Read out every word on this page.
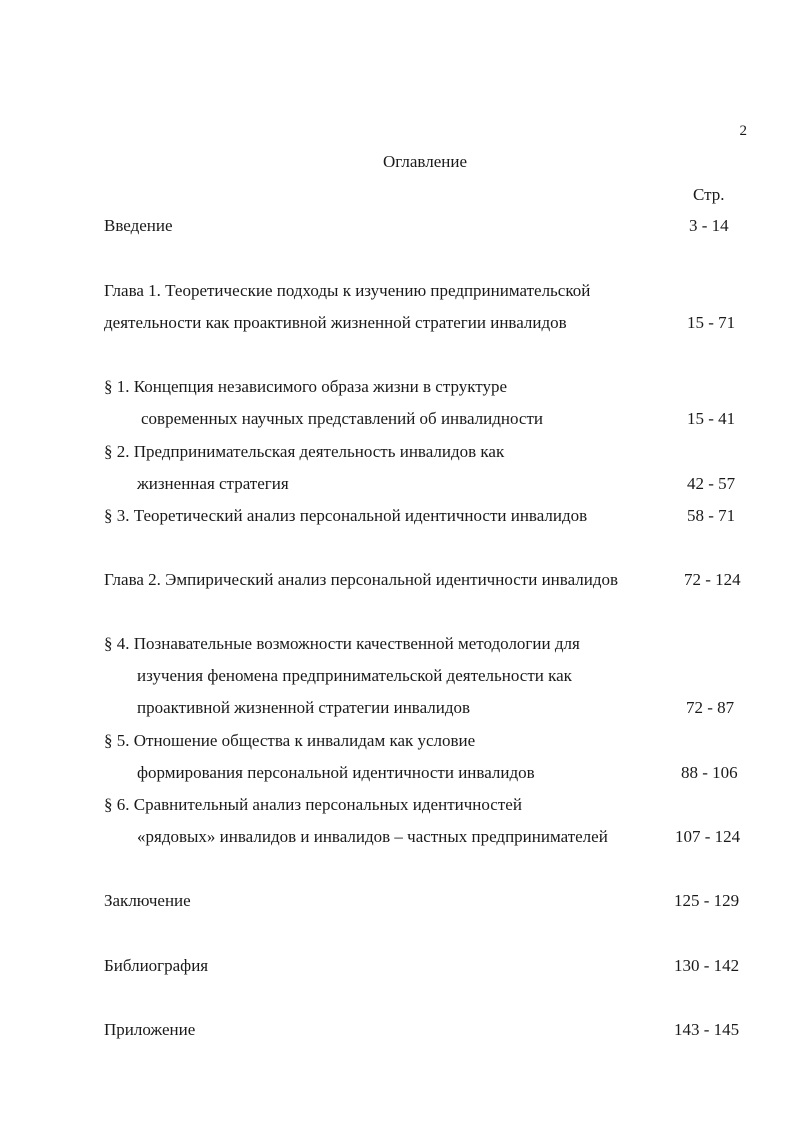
2
Оглавление
Стр.
Введение	3 - 14
Глава 1. Теоретические подходы к изучению предпринимательской
деятельности как проактивной жизненной стратегии инвалидов	15 - 71
§ 1. Концепция независимого образа жизни в структуре
современных научных представлений об инвалидности	15 - 41
§ 2. Предпринимательская деятельность инвалидов как
жизненная стратегия	42 - 57
§ 3. Теоретический анализ персональной идентичности инвалидов	58 - 71
Глава 2. Эмпирический анализ персональной идентичности инвалидов	72 - 124
§ 4. Познавательные возможности качественной методологии для
изучения феномена предпринимательской деятельности как
проактивной жизненной стратегии инвалидов	72 - 87
§ 5. Отношение общества к инвалидам как условие
формирования персональной идентичности инвалидов	88 - 106
§ 6. Сравнительный анализ персональных идентичностей
«рядовых» инвалидов и инвалидов – частных предпринимателей	107 - 124
Заключение	125 - 129
Библиография	130 - 142
Приложение	143 - 145
